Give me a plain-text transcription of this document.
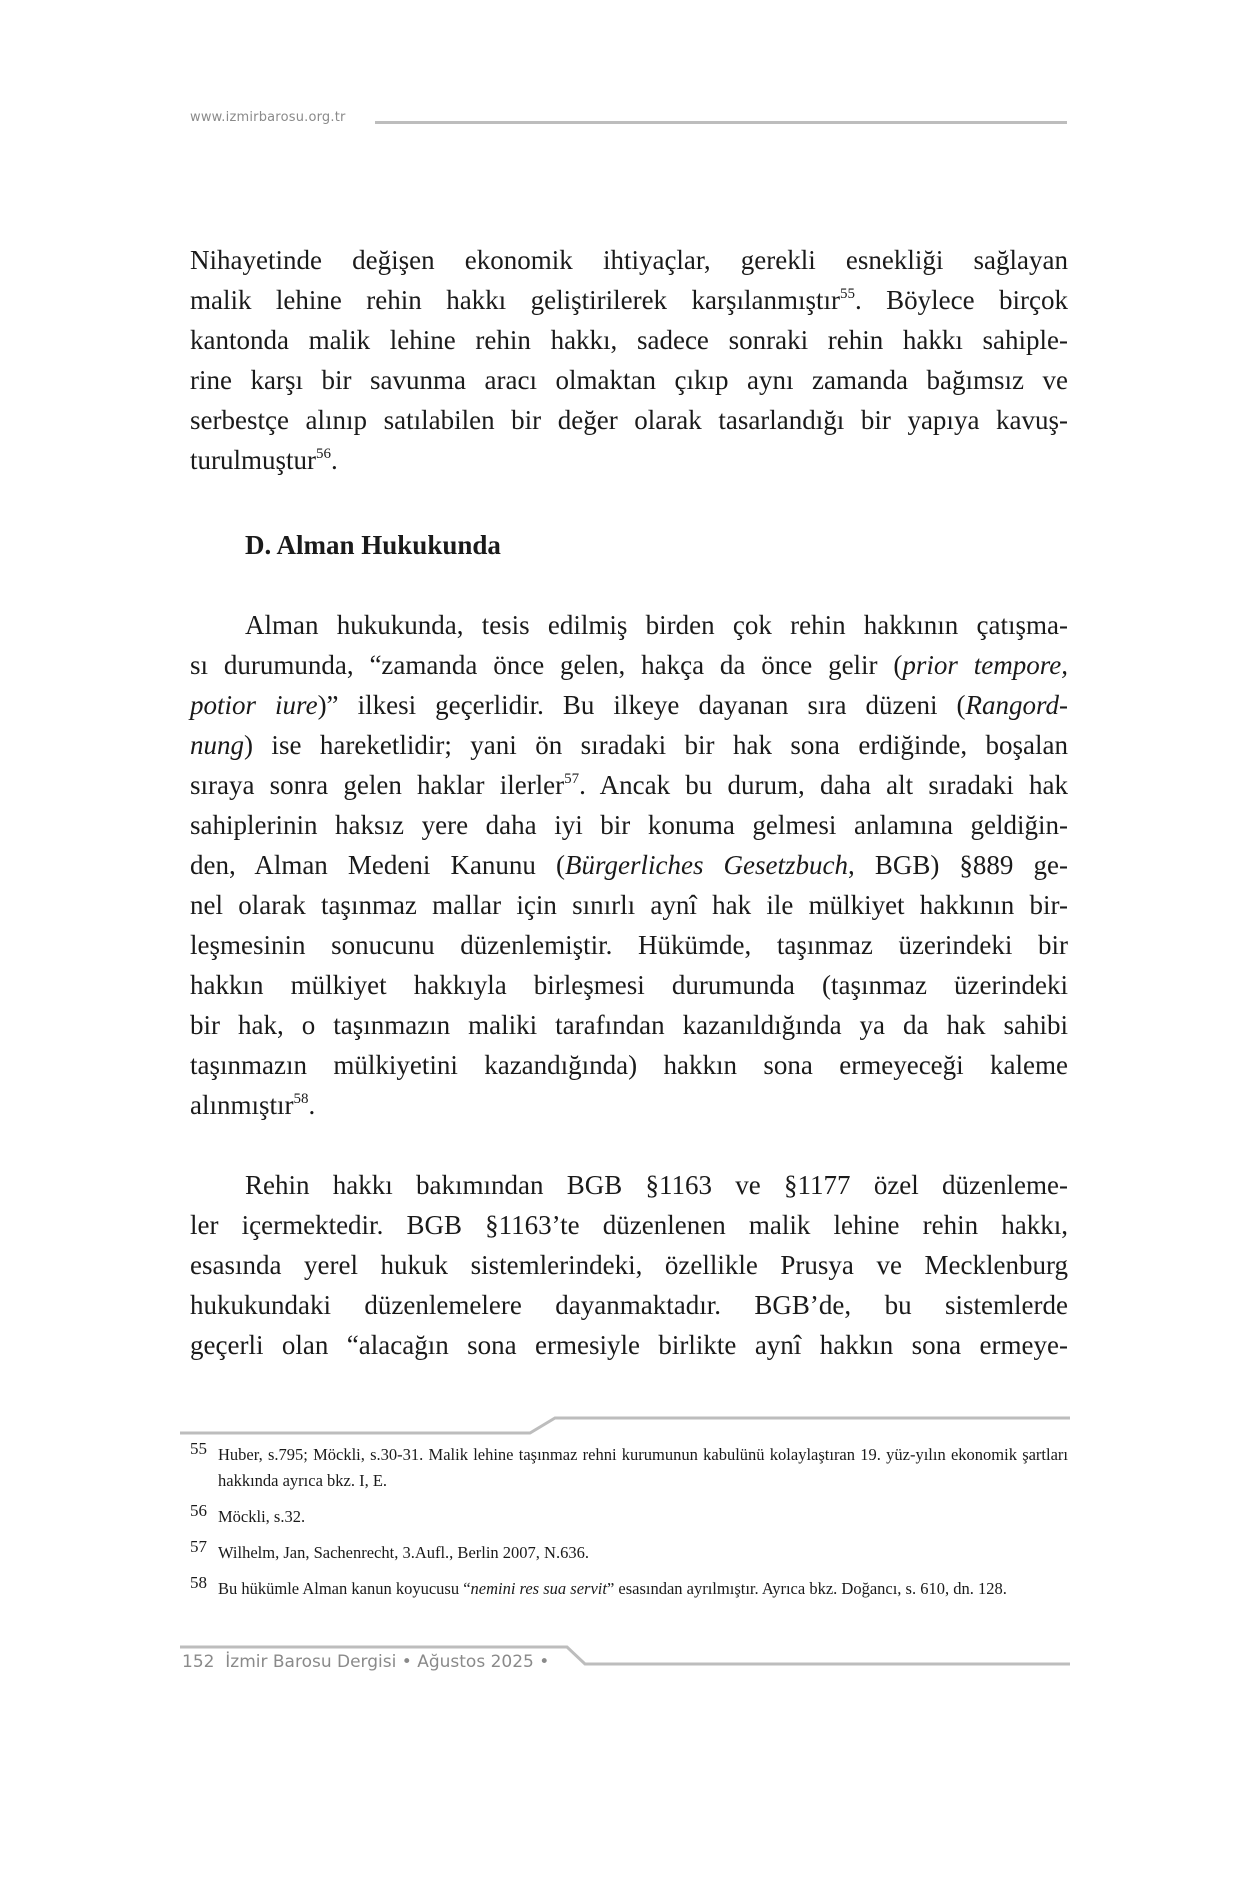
www.izmirbarosu.org.tr
Nihayetinde değişen ekonomik ihtiyaçlar, gerekli esnekliği sağlayan
malik lehine rehin hakkı geliştirilerek karşılanmıştır$^{55}$. Böylece birçok
kantonda malik lehine rehin hakkı, sadece sonraki rehin hakkı sahiple-
rine karşı bir savunma aracı olmaktan çıkıp aynı zamanda bağımsız ve
serbestçe alınıp satılabilen bir değer olarak tasarlandığı bir yapıya kavuş-
turulmuştur$^{56}$.
D. Alman Hukukunda
Alman hukukunda, tesis edilmiş birden çok rehin hakkının çatışma-
sı durumunda, “zamanda önce gelen, hakça da önce gelir (prior tempore,
potior iure)” ilkesi geçerlidir. Bu ilkeye dayanan sıra düzeni (Rangord-
nung) ise hareketlidir; yani ön sıradaki bir hak sona erdiğinde, boşalan
sıraya sonra gelen haklar ilerler$^{57}$. Ancak bu durum, daha alt sıradaki hak
sahiplerinin haksız yere daha iyi bir konuma gelmesi anlamına geldiğin-
den, Alman Medeni Kanunu (Bürgerliches Gesetzbuch, BGB) §889 ge-
nel olarak taşınmaz mallar için sınırlı aynî hak ile mülkiyet hakkının bir-
leşmesinin sonucunu düzenlemiştir. Hükümde, taşınmaz üzerindeki bir
hakkın mülkiyet hakkıyla birleşmesi durumunda (taşınmaz üzerindeki
bir hak, o taşınmazın maliki tarafından kazanıldığında ya da hak sahibi
taşınmazın mülkiyetini kazandığında) hakkın sona ermeyeceği kaleme
alınmıştır$^{58}$.
Rehin hakkı bakımından BGB §1163 ve §1177 özel düzenleme-
ler içermektedir. BGB §1163’te düzenlenen malik lehine rehin hakkı,
esasında yerel hukuk sistemlerindeki, özellikle Prusya ve Mecklenburg
hukukundaki düzenlemelere dayanmaktadır. BGB’de, bu sistemlerde
geçerli olan “alacağın sona ermesiyle birlikte aynî hakkın sona ermeye-
55 Huber, s.795; Möckli, s.30-31. Malik lehine taşınmaz rehni kurumunun kabulünü kolaylaştıran 19. yüz-yılın ekonomik şartları hakkında ayrıca bkz. I, E.
56 Möckli, s.32.
57 Wilhelm, Jan, Sachenrecht, 3.Aufl., Berlin 2007, N.636.
58 Bu hükümle Alman kanun koyucusu “nemini res sua servit” esasından ayrılmıştır. Ayrıca bkz. Doğancı, s. 610, dn. 128.
152 İzmir Barosu Dergisi • Ağustos 2025 •
